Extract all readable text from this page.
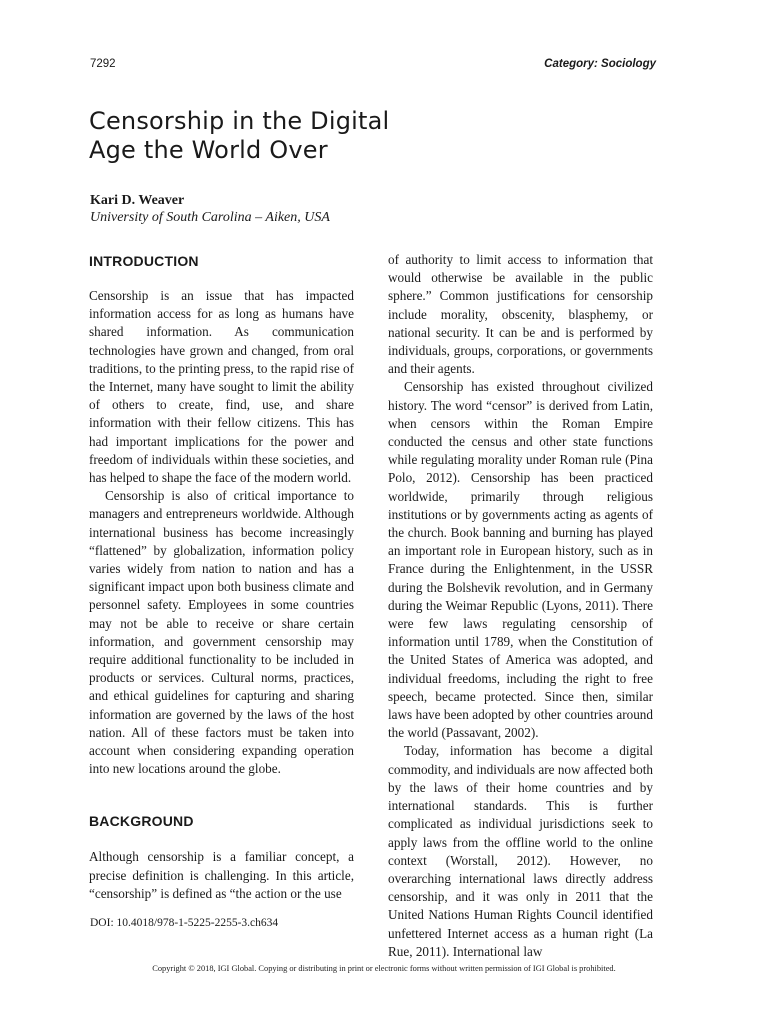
7292	Category: Sociology
Censorship in the Digital
Age the World Over
Kari D. Weaver
University of South Carolina – Aiken, USA
INTRODUCTION

Censorship is an issue that has impacted information access for as long as humans have shared information. As communication technologies have grown and changed, from oral traditions, to the printing press, to the rapid rise of the Internet, many have sought to limit the ability of others to create, find, use, and share information with their fellow citizens. This has had important implications for the power and freedom of individuals within these societies, and has helped to shape the face of the modern world.

Censorship is also of critical importance to managers and entrepreneurs worldwide. Although international business has become increasingly “flattened” by globalization, information policy varies widely from nation to nation and has a significant impact upon both business climate and personnel safety. Employees in some countries may not be able to receive or share certain information, and government censorship may require additional functionality to be included in products or services. Cultural norms, practices, and ethical guidelines for capturing and sharing information are governed by the laws of the host nation. All of these factors must be taken into account when considering expanding operation into new locations around the globe.

BACKGROUND

Although censorship is a familiar concept, a precise definition is challenging. In this article, “censorship” is defined as “the action or the use

of authority to limit access to information that would otherwise be available in the public sphere.” Common justifications for censorship include morality, obscenity, blasphemy, or national security. It can be and is performed by individuals, groups, corporations, or governments and their agents.

Censorship has existed throughout civilized history. The word “censor” is derived from Latin, when censors within the Roman Empire conducted the census and other state functions while regulating morality under Roman rule (Pina Polo, 2012). Censorship has been practiced worldwide, primarily through religious institutions or by governments acting as agents of the church. Book banning and burning has played an important role in European history, such as in France during the Enlightenment, in the USSR during the Bolshevik revolution, and in Germany during the Weimar Republic (Lyons, 2011). There were few laws regulating censorship of information until 1789, when the Constitution of the United States of America was adopted, and individual freedoms, including the right to free speech, became protected. Since then, similar laws have been adopted by other countries around the world (Passavant, 2002).

Today, information has become a digital commodity, and individuals are now affected both by the laws of their home countries and by international standards. This is further complicated as individual jurisdictions seek to apply laws from the offline world to the online context (Worstall, 2012). However, no overarching international laws directly address censorship, and it was only in 2011 that the United Nations Human Rights Council identified unfettered Internet access as a human right (La Rue, 2011). International law

DOI: 10.4018/978-1-5225-2255-3.ch634
Copyright © 2018, IGI Global. Copying or distributing in print or electronic forms without written permission of IGI Global is prohibited.
